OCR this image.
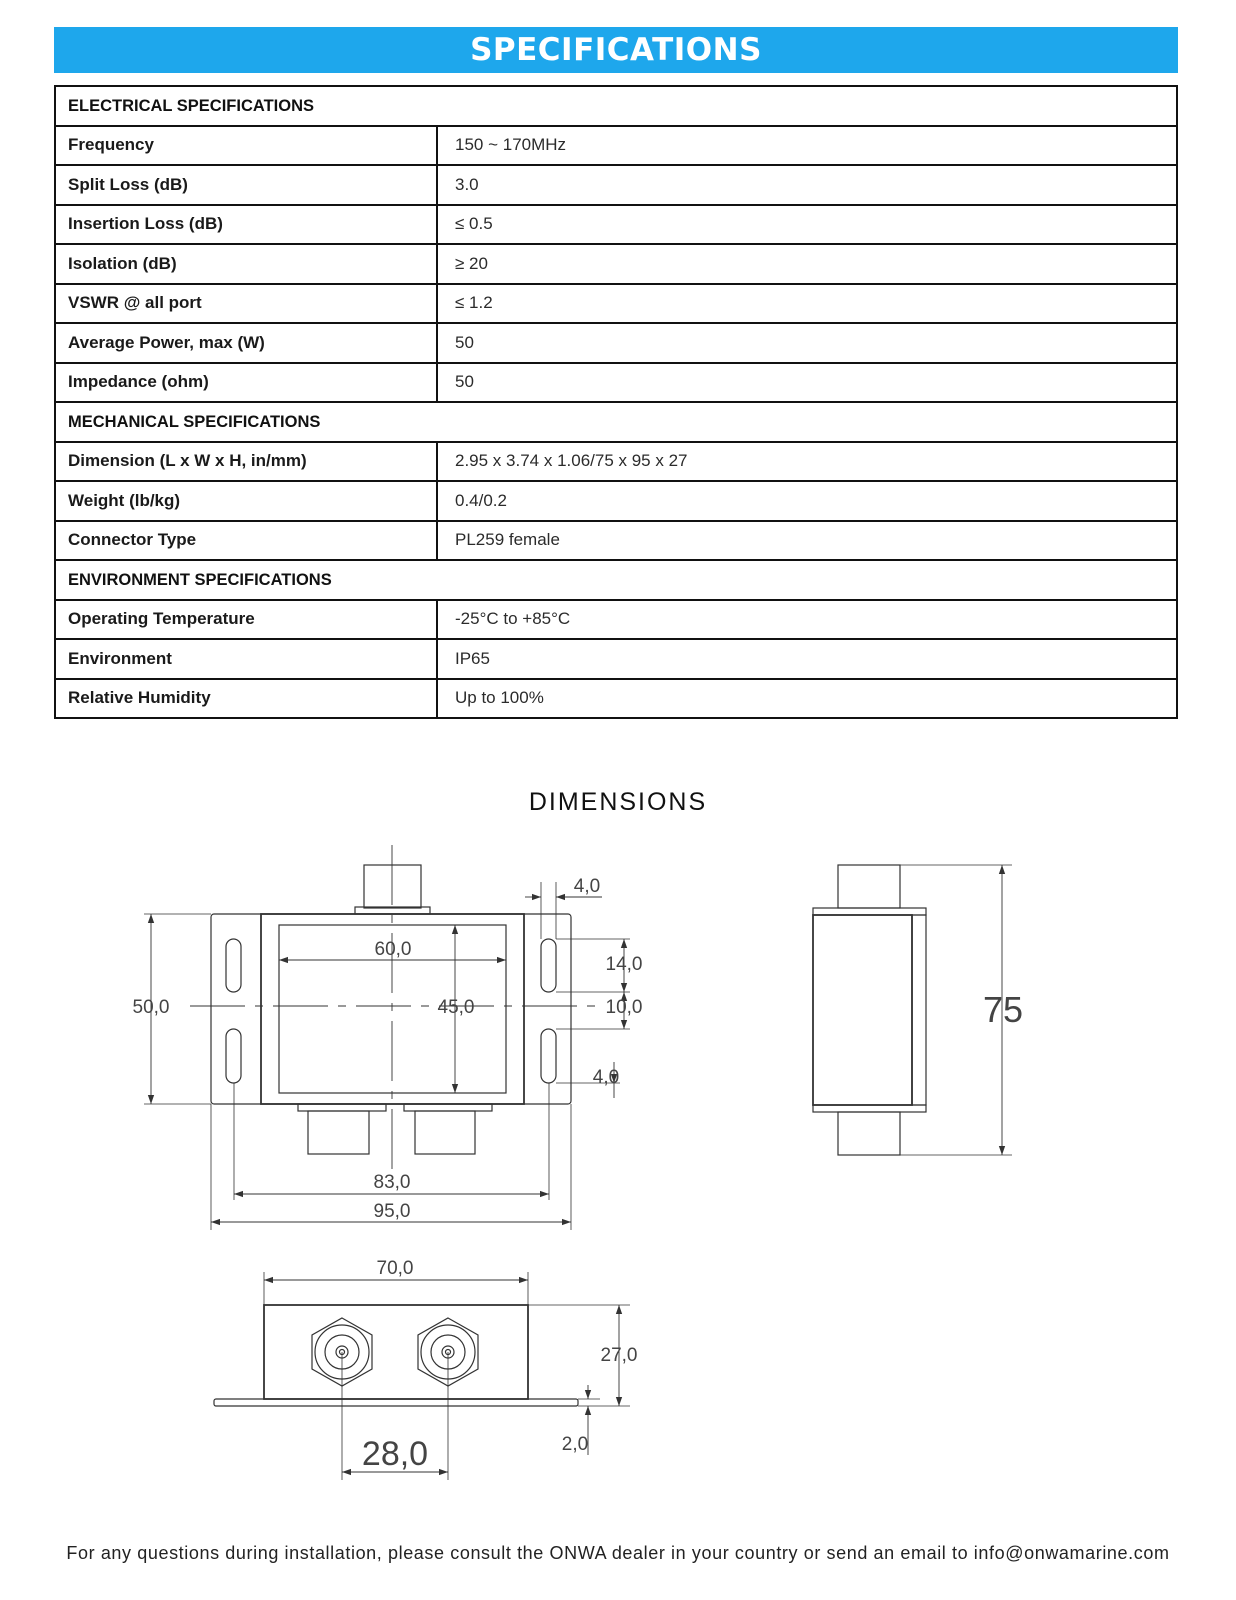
SPECIFICATIONS
ELECTRICAL SPECIFICATIONS	
Frequency	150 ~ 170MHz
Split Loss (dB)	3.0
Insertion Loss (dB)	≤ 0.5
Isolation (dB)	≥ 20
VSWR @ all port	≤ 1.2
Average Power, max (W)	50
Impedance (ohm)	50
MECHANICAL SPECIFICATIONS	
Dimension (L x W x H, in/mm)	2.95 x 3.74 x 1.06/75 x 95 x 27
Weight (lb/kg)	0.4/0.2
Connector Type	PL259 female
ENVIRONMENT SPECIFICATIONS	
Operating Temperature	-25°C to +85°C
Environment	IP65
Relative Humidity	Up to 100%
DIMENSIONS
4,0
60,0
14,0
50,0	45,0	10,0
4,0
83,0
95,0
75
70,0
27,0
28,0	2,0
For any questions during installation, please consult the ONWA dealer in your country or send an email to info@onwamarine.com
